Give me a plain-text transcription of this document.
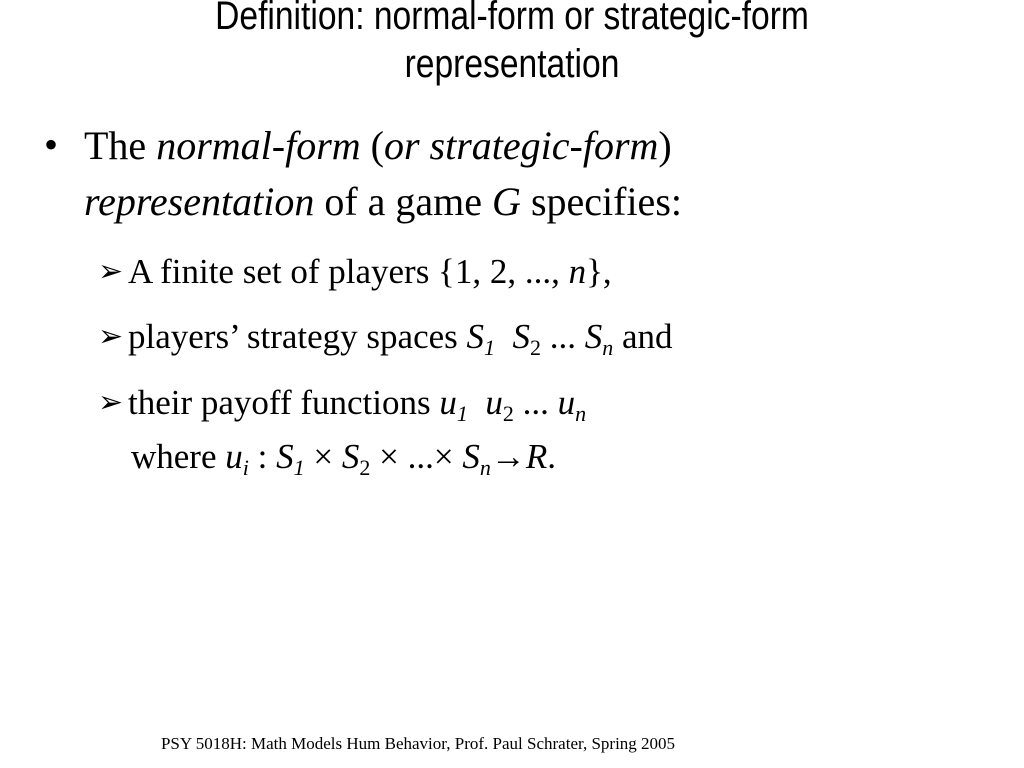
Definition: normal-form or strategic-form
representation
• The normal-form (or strategic-form)
representation of a game G specifies:
➢ A finite set of players {1, 2, ..., n},
➢ players’ strategy spaces $S_1$ $S_2$ ... $S_n$ and
➢ their payoff functions $u_1$ $u_2$ ... $u_n$
where $u_i$ : $S_1 \times S_2$ × ...× $S_n\to R$.
PSY 5018H: Math Models Hum Behavior, Prof. Paul Schrater, Spring 2005
